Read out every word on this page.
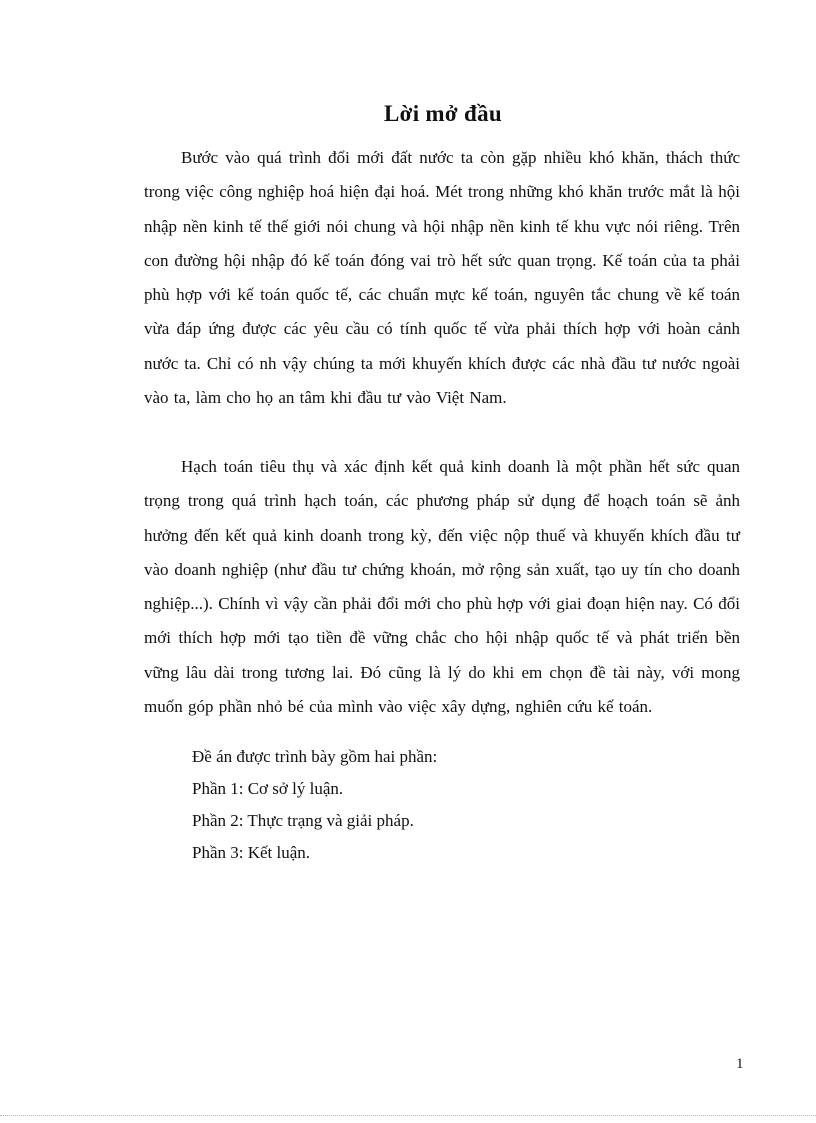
Lời mở đầu

Bước vào quá trình đổi mới đất nước ta còn gặp nhiều khó khăn, thách thức trong việc công nghiệp hoá hiện đại hoá. Mét trong những khó khăn trước mắt là hội nhập nền kinh tế thế giới nói chung và hội nhập nền kinh tế khu vực nói riêng. Trên con đường hội nhập đó kế toán đóng vai trò hết sức quan trọng. Kế toán của ta phải phù hợp với kế toán quốc tế, các chuẩn mực kế toán, nguyên tắc chung về kế toán vừa đáp ứng được các yêu cầu có tính quốc tế vừa phải thích hợp với hoàn cảnh nước ta. Chỉ có nh vậy chúng ta mới khuyến khích được các nhà đầu tư nước ngoài vào ta, làm cho họ an tâm khi đầu tư vào Việt Nam.

Hạch toán tiêu thụ và xác định kết quả kinh doanh là một phần hết sức quan trọng trong quá trình hạch toán, các phương pháp sử dụng để hoạch toán sẽ ảnh hưởng đến kết quả kinh doanh trong kỳ, đến việc nộp thuế và khuyến khích đầu tư vào doanh nghiệp (như đầu tư chứng khoán, mở rộng sản xuất, tạo uy tín cho doanh nghiệp...). Chính vì vậy cần phải đổi mới cho phù hợp với giai đoạn hiện nay. Có đổi mới thích hợp mới tạo tiền đề vững chắc cho hội nhập quốc tế và phát triển bền vững lâu dài trong tương lai. Đó cũng là lý do khi em chọn đề tài này, với mong muốn góp phần nhỏ bé của mình vào việc xây dựng, nghiên cứu kế toán.

Đề án được trình bày gồm hai phần:
Phần 1: Cơ sở lý luận.
Phần 2: Thực trạng và giải pháp.
Phần 3: Kết luận.
1
